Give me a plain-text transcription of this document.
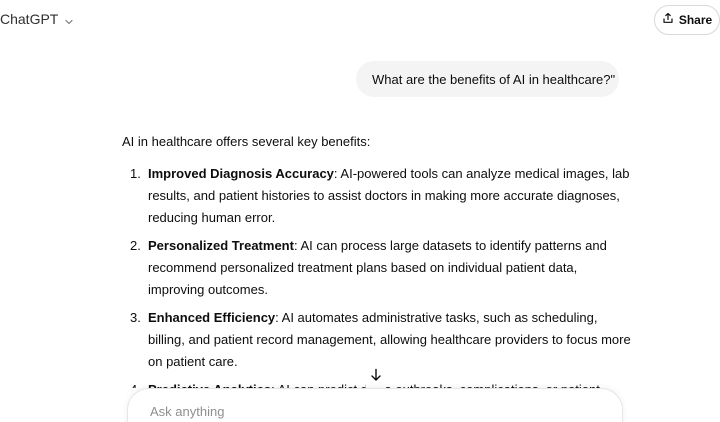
ChatGPT	Share
What are the benefits of AI in healthcare?"

AI in healthcare offers several key benefits:

1. Improved Diagnosis Accuracy: AI-powered tools can analyze medical images, lab results, and patient histories to assist doctors in making more accurate diagnoses, reducing human error.
2. Personalized Treatment: AI can process large datasets to identify patterns and recommend personalized treatment plans based on individual patient data, improving outcomes.
3. Enhanced Efficiency: AI automates administrative tasks, such as scheduling, billing, and patient record management, allowing healthcare providers to focus more on patient care.
Ask anything
